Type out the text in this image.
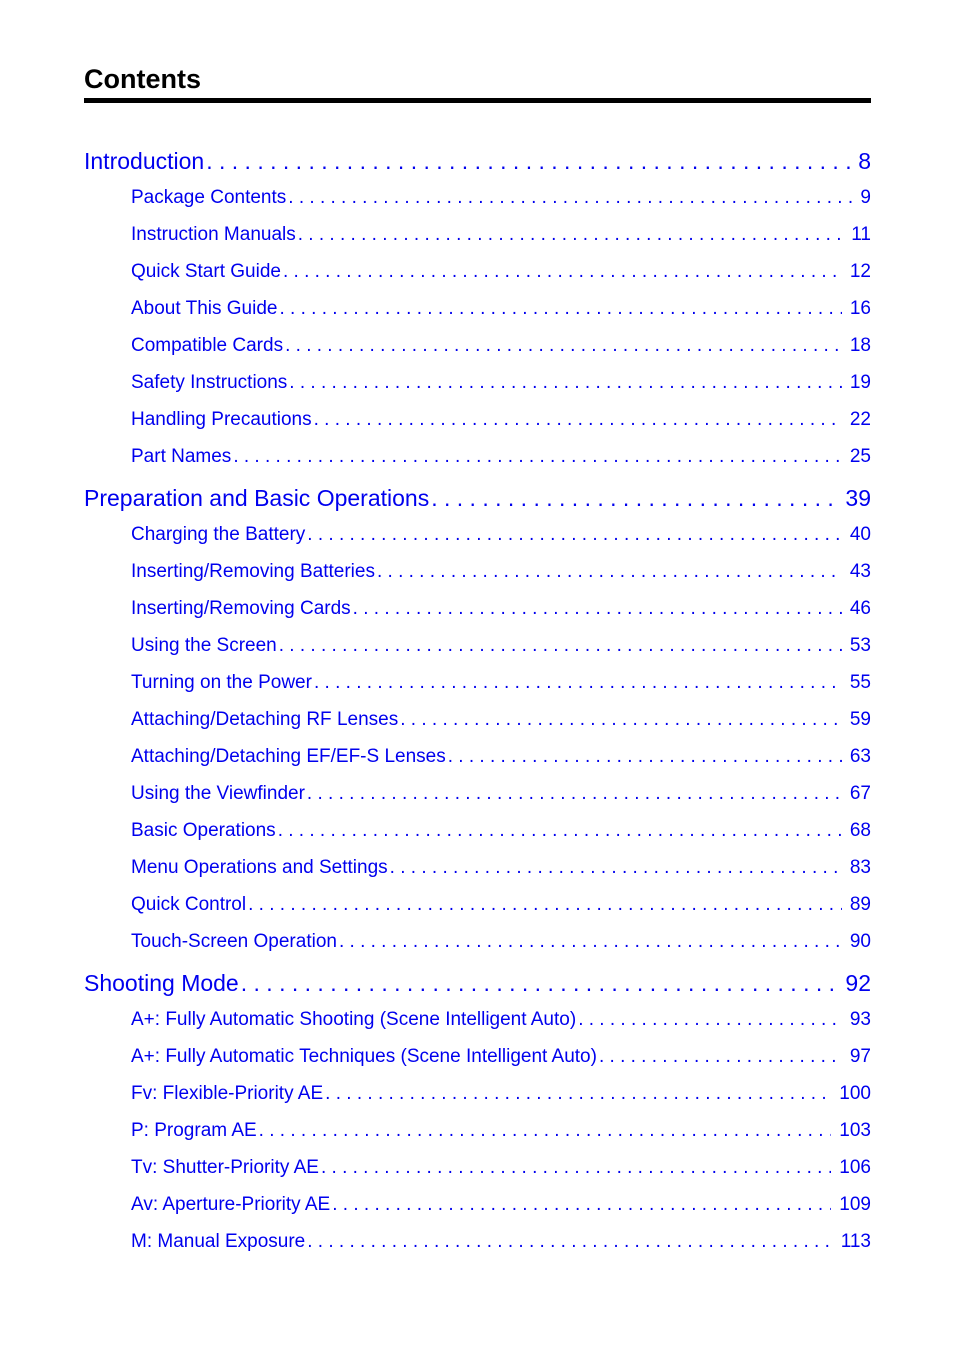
Contents
Introduction . . .	8
Package Contents . . .	9
Instruction Manuals . . .	11
Quick Start Guide . . .	12
About This Guide . . .	16
Compatible Cards . . .	18
Safety Instructions . . .	19
Handling Precautions . . .	22
Part Names . . .	25
Preparation and Basic Operations . . .	39
Charging the Battery . . .	40
Inserting/Removing Batteries . . .	43
Inserting/Removing Cards . . .	46
Using the Screen . . .	53
Turning on the Power . . .	55
Attaching/Detaching RF Lenses . . .	59
Attaching/Detaching EF/EF-S Lenses . . .	63
Using the Viewfinder . . .	67
Basic Operations . . .	68
Menu Operations and Settings . . .	83
Quick Control . . .	89
Touch-Screen Operation . . .	90
Shooting Mode . . .	92
A+: Fully Automatic Shooting (Scene Intelligent Auto) . . .	93
A+: Fully Automatic Techniques (Scene Intelligent Auto) . . .	97
Fv: Flexible-Priority AE . . .	100
P: Program AE . . .	103
Tv: Shutter-Priority AE . . .	106
Av: Aperture-Priority AE . . .	109
M: Manual Exposure . . .	113
